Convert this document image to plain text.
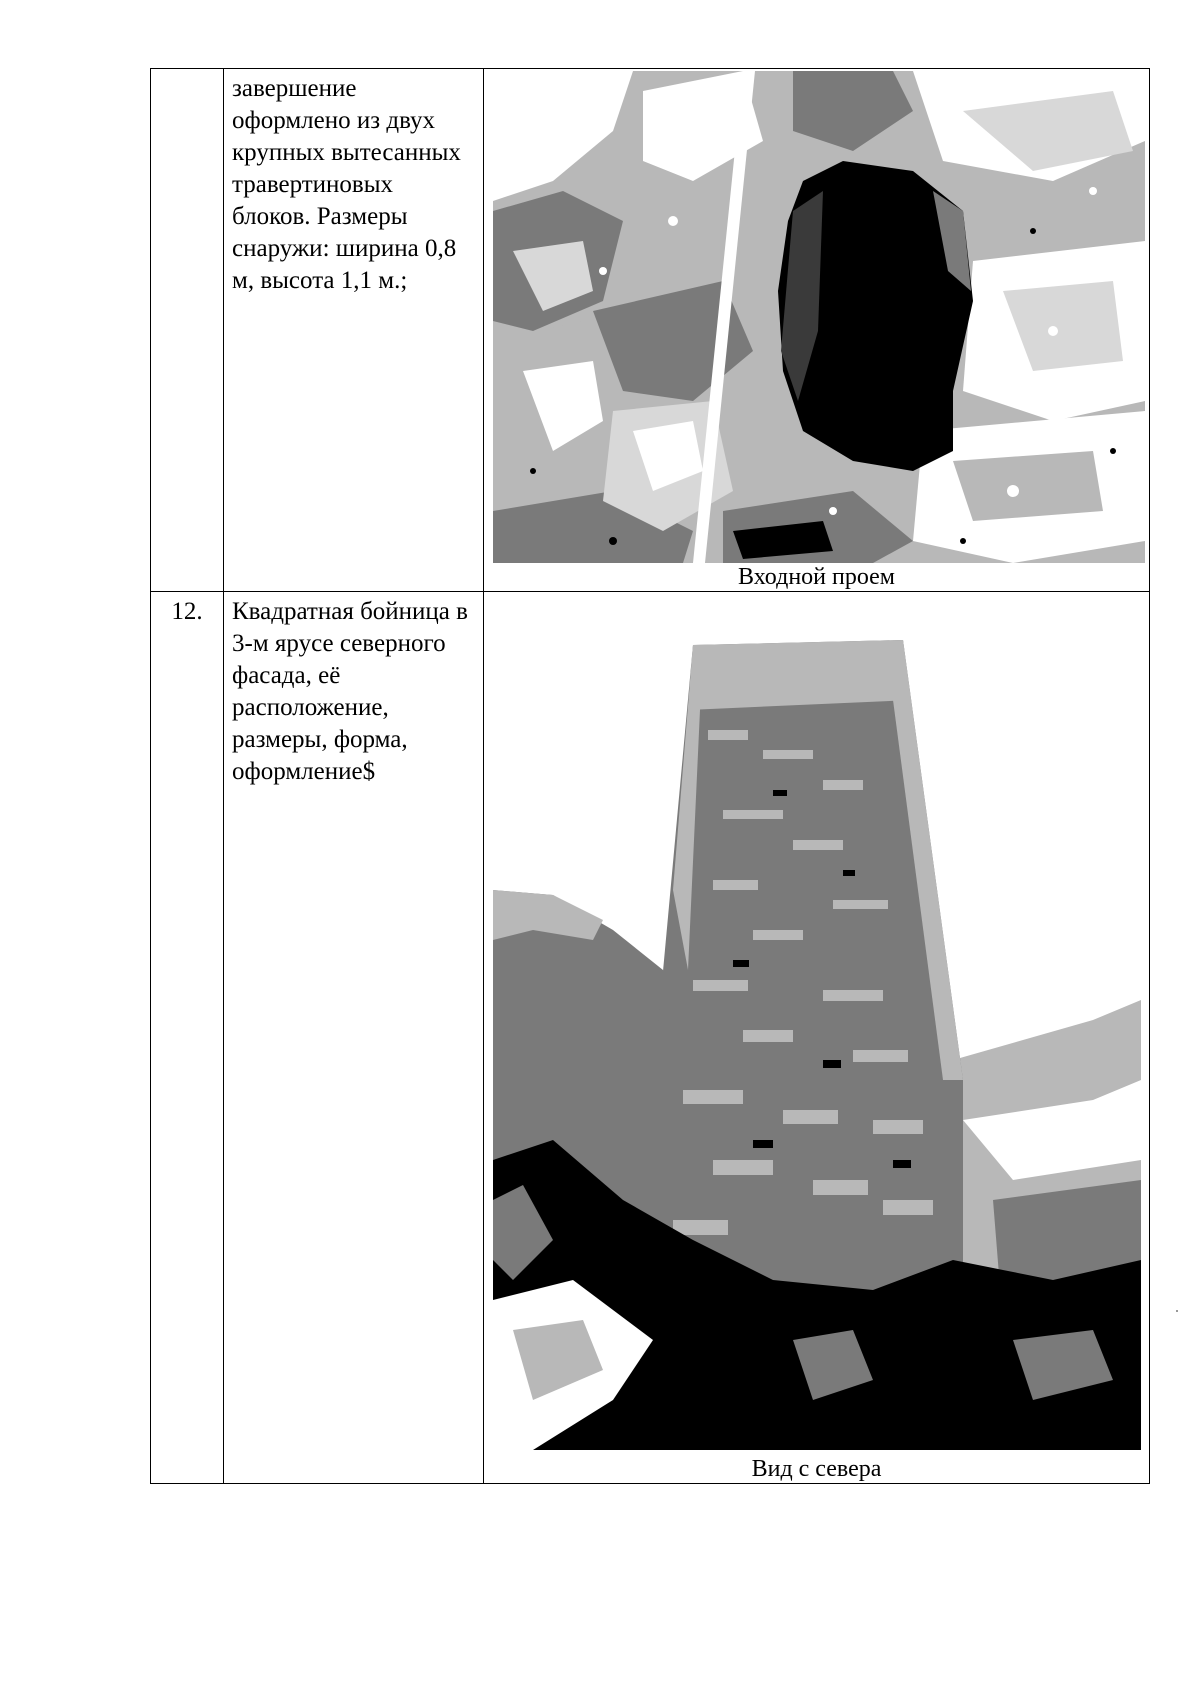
	завершение оформлено из двух крупных вытесанных травертиновых блоков. Размеры снаружи: ширина 0,8 м, высота 1,1 м.;	Входной проем

12.	Квадратная бойница в 3-м ярусе северного фасада, её расположение, размеры, форма, оформление$	Вид с севера
